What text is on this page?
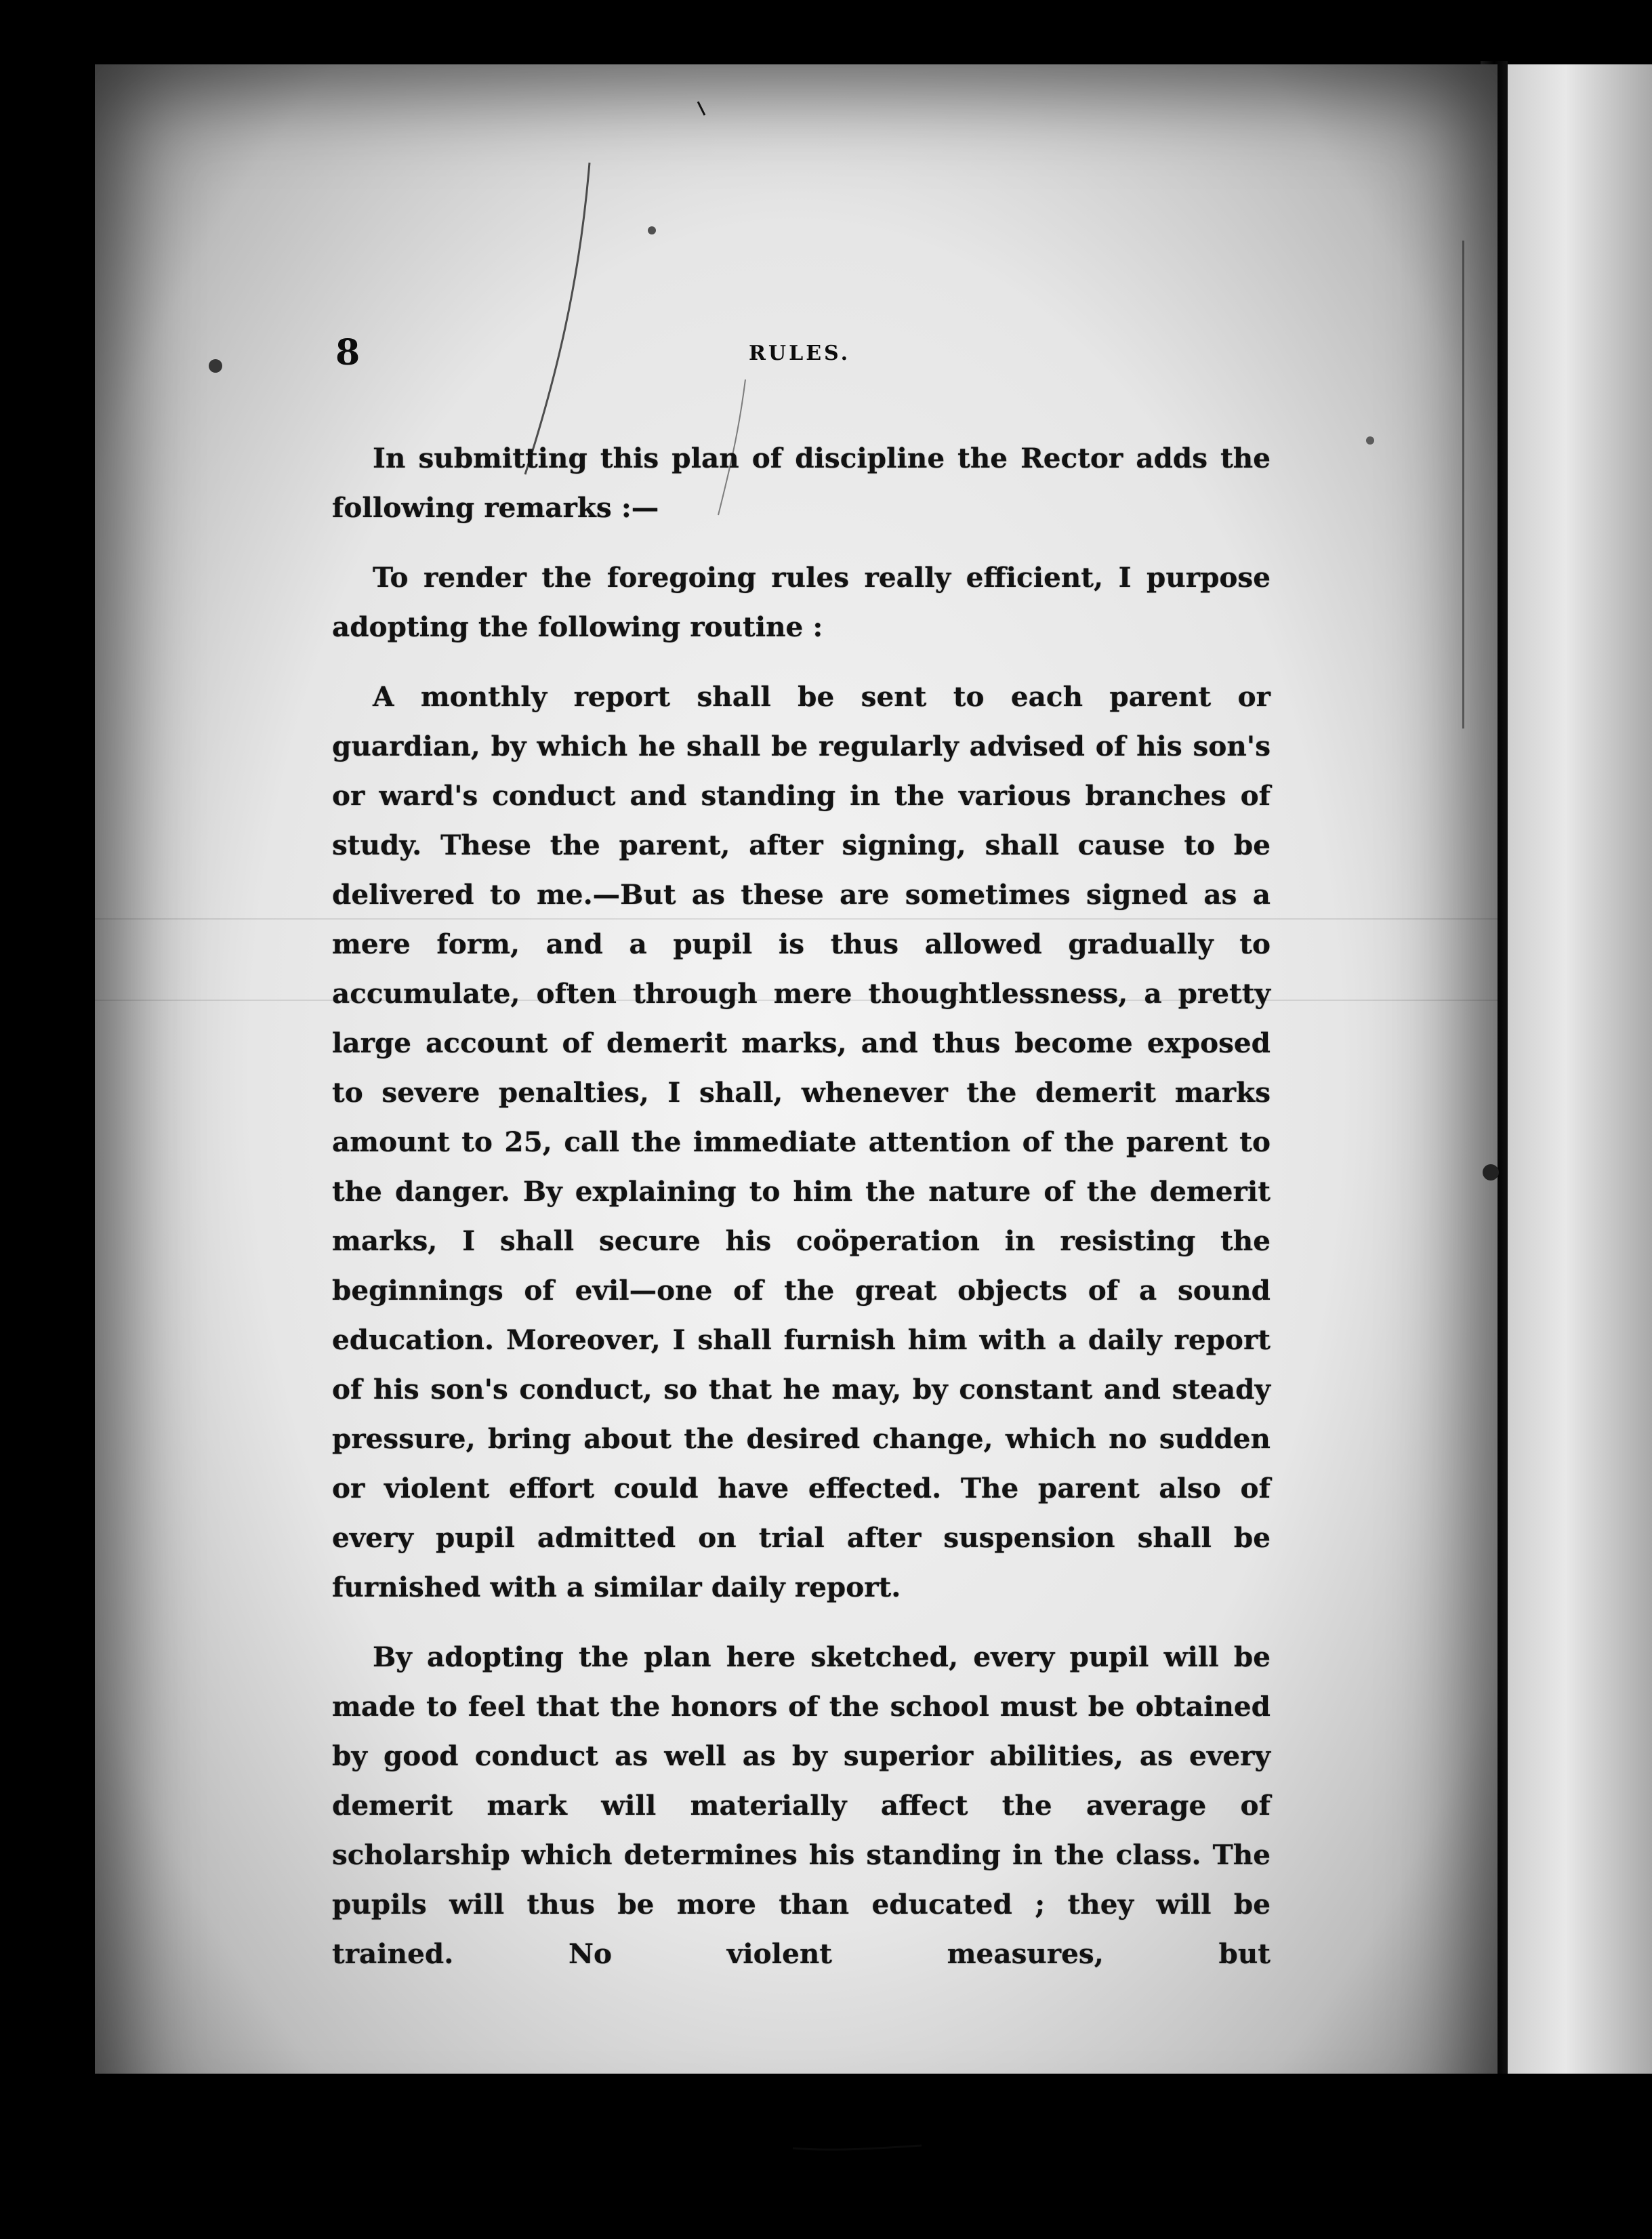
8	RULES.

In submitting this plan of discipline the Rector adds the following remarks :—

To render the foregoing rules really efficient, I purpose adopting the following routine :

A monthly report shall be sent to each parent or guardian, by which he shall be regularly advised of his son's or ward's conduct and standing in the various branches of study. These the parent, after signing, shall cause to be delivered to me.—But as these are sometimes signed as a mere form, and a pupil is thus allowed gradually to accumulate, often through mere thoughtlessness, a pretty large account of demerit marks, and thus become exposed to severe penalties, I shall, whenever the demerit marks amount to 25, call the immediate attention of the parent to the danger. By explaining to him the nature of the demerit marks, I shall secure his coöperation in resisting the beginnings of evil—one of the great objects of a sound education. Moreover, I shall furnish him with a daily report of his son's conduct, so that he may, by constant and steady pressure, bring about the desired change, which no sudden or violent effort could have effected. The parent also of every pupil admitted on trial after suspension shall be furnished with a similar daily report.

By adopting the plan here sketched, every pupil will be made to feel that the honors of the school must be obtained by good conduct as well as by superior abilities, as every demerit mark will materially affect the average of scholarship which determines his standing in the class. The pupils will thus be more than educated ; they will be trained. No violent measures, but
